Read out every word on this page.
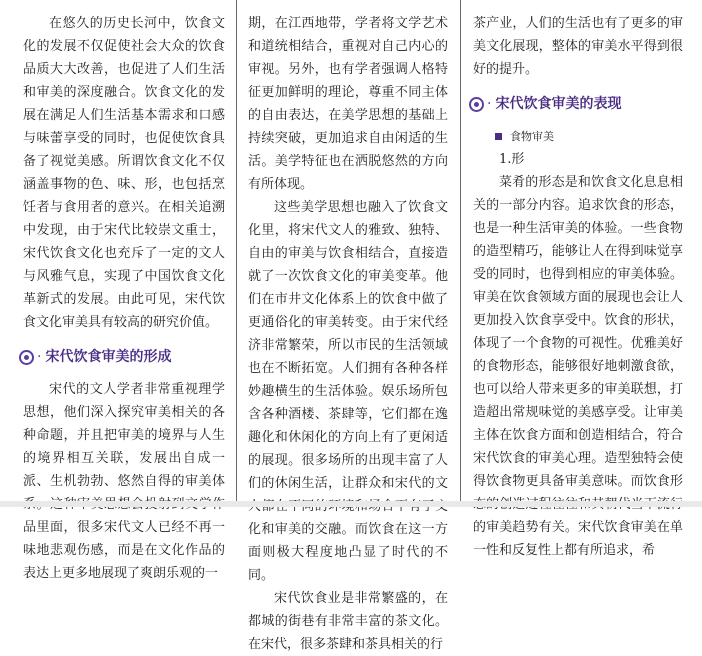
在悠久的历史长河中，饮食文化的发展不仅促使社会大众的饮食品质大大改善，也促进了人们生活和审美的深度融合。饮食文化的发展在满足人们生活基本需求和口感与味蕾享受的同时，也促使饮食具备了视觉美感。所谓饮食文化不仅涵盖事物的色、味、形，也包括烹饪者与食用者的意兴。在相关追溯中发现，由于宋代比较崇文重士，宋代饮食文化也充斥了一定的文人与风雅气息，实现了中国饮食文化革新式的发展。由此可见，宋代饮食文化审美具有较高的研究价值。

· 宋代饮食审美的形成

宋代的文人学者非常重视理学思想，他们深入探究审美相关的各种命题，并且把审美的境界与人生的境界相互关联，发展出自成一派、生机勃勃、悠然自得的审美体 品里面，很多宋代文人已经不再一味地悲观伤感，而是在文化作品的表达上更多地展现了爽朗乐观的一

期，在江西地带，学者将文学艺术和道统相结合，重视对自己内心的审视。另外，也有学者强调人格特征更加鲜明的理论，尊重不同主体的自由表达，在美学思想的基础上持续突破，更加追求自由闲适的生活。美学特征也在洒脱悠然的方向有所体现。

这些美学思想也融入了饮食文化里，将宋代文人的雅致、独特、自由的审美与饮食相结合，直接造就了一次饮食文化的审美变革。他们在市井文化体系上的饮食中做了更通俗化的审美转变。由于宋代经济非常繁荣，所以市民的生活领域也在不断拓宽。人们拥有各种各样妙趣横生的生活体验。娱乐场所包含各种酒楼、茶肆等，它们都在逸趣化和休闲化的方向上有了更闲适的展现。很多场所的出现丰富了人们的休闲生活，让群众和宋代的文 化和审美的交融。而饮食在这一方面则极大程度地凸显了时代的不同。

宋代饮食业是非常繁盛的，在都城的街巷有非常丰富的茶文化。在宋代，很多茶肆和茶具相关的行

茶产业，人们的生活也有了更多的审美文化展现，整体的审美水平得到很好的提升。

· 宋代饮食审美的表现
食物审美
1.形

菜肴的形态是和饮食文化息息相关的一部分内容。追求饮食的形态，也是一种生活审美的体验。一些食物的造型精巧，能够让人在得到味觉享受的同时，也得到相应的审美体验。审美在饮食领域方面的展现也会让人更加投入饮食享受中。饮食的形状，体现了一个食物的可视性。优雅美好的食物形态，能够很好地刺激食欲，也可以给人带来更多的审美联想，打造超出常规味觉的美感享受。让审美主体在饮食方面和创造相结合，符合宋代饮食的审美心理。造型独特会使得饮食物更具备审美意味。而饮食形 的审美趋势有关。宋代饮食审美在单一性和反复性上都有所追求，希
